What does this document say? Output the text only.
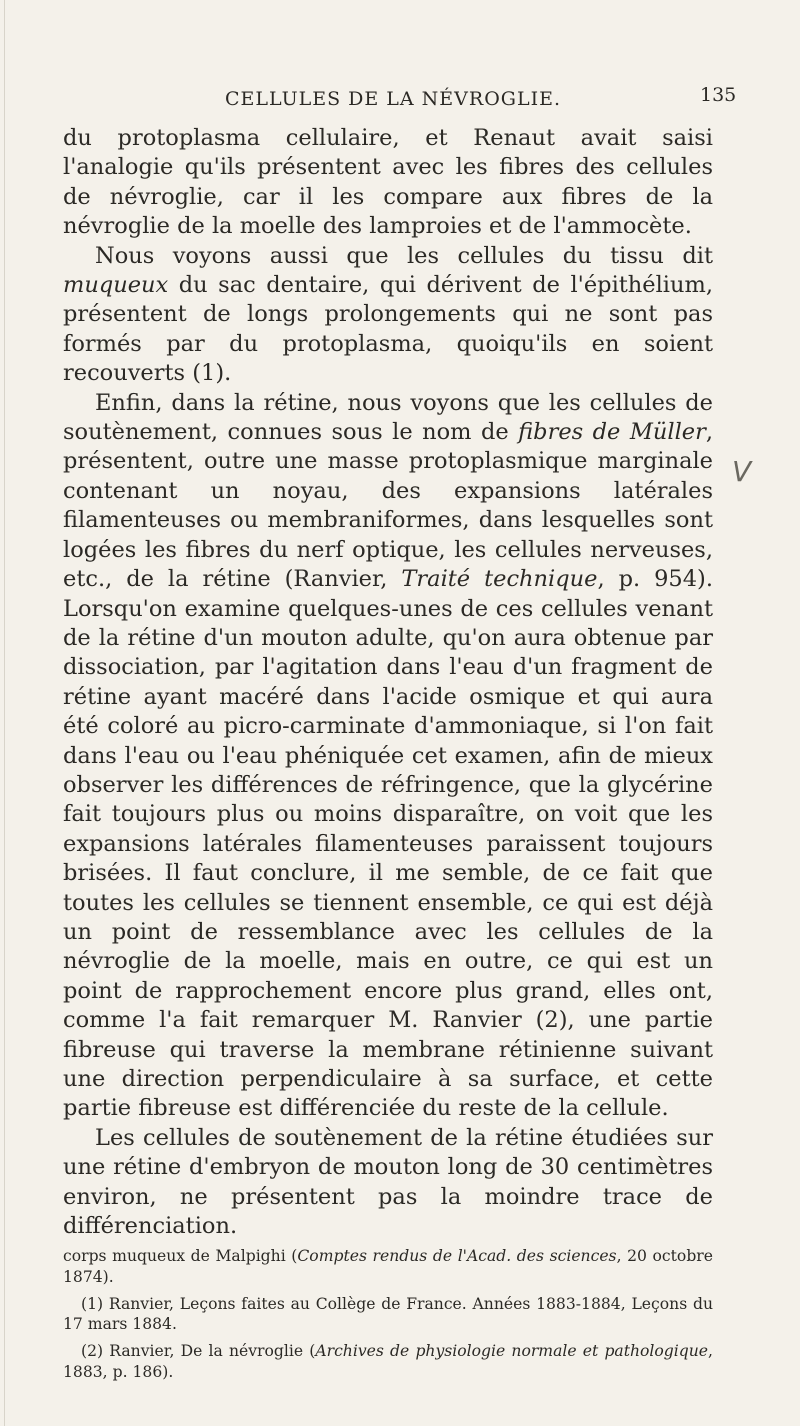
CELLULES DE LA NÉVROGLIE.	135

du protoplasma cellulaire, et Renaut avait saisi l'analogie qu'ils présentent avec les fibres des cellules de névroglie, car il les compare aux fibres de la névroglie de la moelle des lamproies et de l'ammocète.

Nous voyons aussi que les cellules du tissu dit muqueux du sac dentaire, qui dérivent de l'épithélium, présentent de longs prolongements qui ne sont pas formés par du protoplasma, quoiqu'ils en soient recouverts (1).

Enfin, dans la rétine, nous voyons que les cellules de soutènement, connues sous le nom de fibres de Müller, présentent, outre une masse protoplasmique marginale contenant un noyau, des expansions latérales filamenteuses ou membraniformes, dans lesquelles sont logées les fibres du nerf optique, les cellules nerveuses, etc., de la rétine (Ranvier, Traité technique, p. 954). Lorsqu'on examine quelques-unes de ces cellules venant de la rétine d'un mouton adulte, qu'on aura obtenue par dissociation, par l'agitation dans l'eau d'un fragment de rétine ayant macéré dans l'acide osmique et qui aura été coloré au picro-carminate d'ammoniaque, si l'on fait dans l'eau ou l'eau phéniquée cet examen, afin de mieux observer les différences de réfringence, que la glycérine fait toujours plus ou moins disparaître, on voit que les expansions latérales filamenteuses paraissent toujours brisées. Il faut conclure, il me semble, de ce fait que toutes les cellules se tiennent ensemble, ce qui est déjà un point de ressemblance avec les cellules de la névroglie de la moelle, mais en outre, ce qui est un point de rapprochement encore plus grand, elles ont, comme l'a fait remarquer M. Ranvier (2), une partie fibreuse qui traverse la membrane rétinienne suivant une direction perpendiculaire à sa surface, et cette partie fibreuse est différenciée du reste de la cellule.

Les cellules de soutènement de la rétine étudiées sur une rétine d'embryon de mouton long de 30 centimètres environ, ne présentent pas la moindre trace de différenciation.

corps muqueux de Malpighi (Comptes rendus de l'Acad. des sciences, 20 octobre 1874).

(1) Ranvier, Leçons faites au Collège de France. Années 1883-1884, Leçons du 17 mars 1884.

(2) Ranvier, De la névroglie (Archives de physiologie normale et pathologique, 1883, p. 186).

V
